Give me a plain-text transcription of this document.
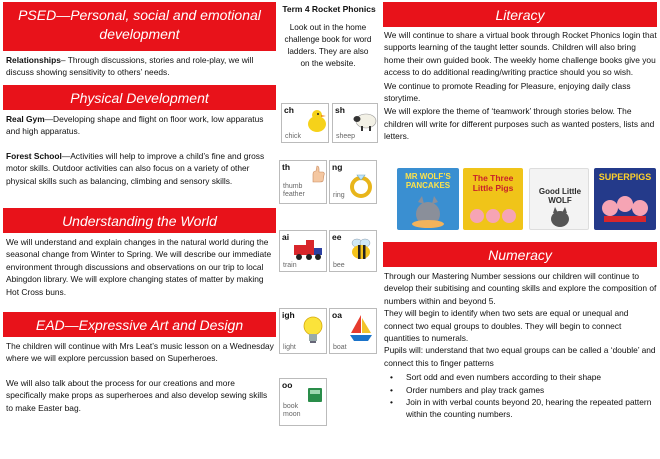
PSED—Personal, social and emotional
development
Relationships– Through discussions, stories and role-play, we will discuss showing sensitivity to others’ needs.
Physical Development

Real Gym—Developing shape and flight on floor work, low apparatus and high apparatus.

Forest School—Activities will help to improve a child’s fine and gross motor skills. Outdoor activities can also focus on a variety of other physical skills such as balancing, climbing and sensory skills.

Understanding the World
We will understand and explain changes in the natural world during the seasonal change from Winter to Spring. We will describe our immediate environment through discussions and observations on our trip to local Abingdon library. We will explore changing states of matter by making Hot Cross buns.
EAD—Expressive Art and Design

The children will continue with Mrs Leat’s music lesson on a Wednesday where we will explore percussion based on Superheroes.

We will also talk about the process for our creations and more specifically make props as superheroes and also develop sewing skills to make Easter bag.

Term 4 Rocket Phonics
Look out in the home challenge book for word ladders. They are also on the website.
ch
chick
sh
sheep
th
thumb feather
ng
ring
ai
train
ee
bee
igh
light
oa
boat
oo
book moon
Literacy

We will continue to share a virtual book through Rocket Phonics login that supports learning of the taught letter sounds. Children will also bring home their own guided book. The weekly home challenge books give you access to do additional reading/writing practice should you so wish.

We continue to promote Reading for Pleasure, enjoying daily class storytime.

We will explore the theme of ‘teamwork’ through stories below. The children will write for different purposes such as wanted posters, lists and letters.

MR WOLF’S PANCAKES
The Three Little Pigs	Good Little WOLF
SUPERPIGS
Numeracy

Through our Mastering Number sessions our children will continue to develop their subitising and counting skills and explore the composition of numbers within and beyond 5.

They will begin to identify when two sets are equal or unequal and connect two equal groups to doubles. They will begin to connect quantities to numerals.

Pupils will: understand that two equal groups can be called a ‘double’ and connect this to finger patterns

• Sort odd and even numbers according to their shape
• Order numbers and play track games
• Join in with verbal counts beyond 20, hearing the repeated pattern within the counting numbers.
